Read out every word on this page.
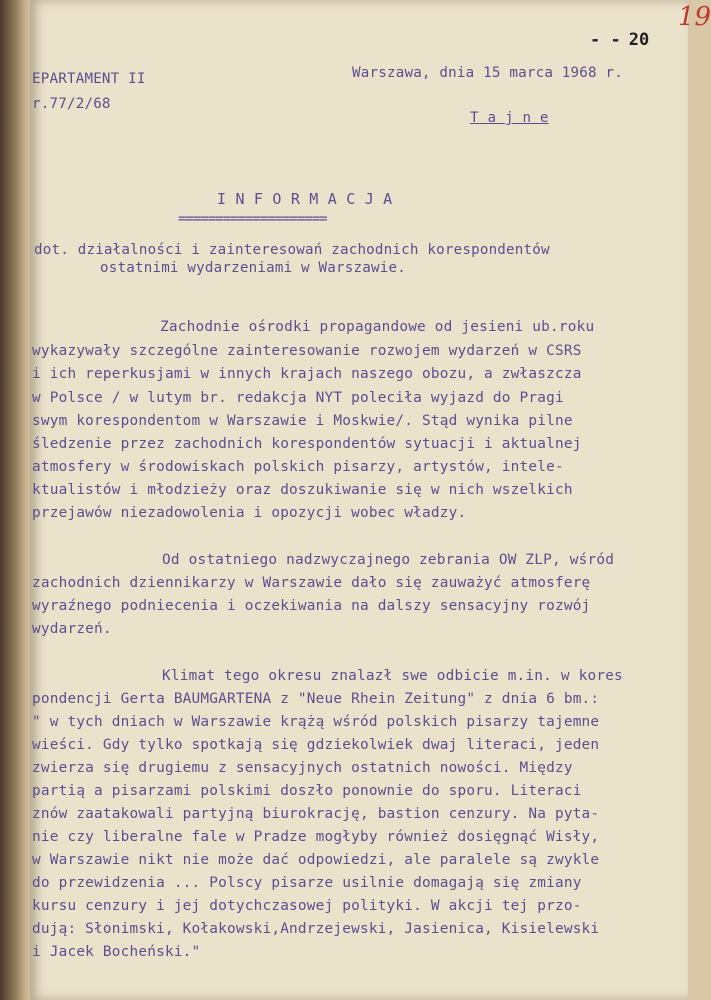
19
- - 20
EPARTAMENT II
r.77/2/68
Warszawa, dnia 15 marca 1968 r.
T a j n e
I N F O R M A C J A
====================
dot. działalności i zainteresowań zachodnich korespondentów
ostatnimi wydarzeniami w Warszawie.
Zachodnie ośrodki propagandowe od jesieni ub.roku
wykazywały szczególne zainteresowanie rozwojem wydarzeń w CSRS
i ich reperkusjami w innych krajach naszego obozu, a zwłaszcza
w Polsce / w lutym br. redakcja NYT poleciła wyjazd do Pragi
swym korespondentom w Warszawie i Moskwie/. Stąd wynika pilne
śledzenie przez zachodnich korespondentów sytuacji i aktualnej
atmosfery w środowiskach polskich pisarzy, artystów, intele-
ktualistów i młodzieży oraz doszukiwanie się w nich wszelkich
przejawów niezadowolenia i opozycji wobec władzy.
Od ostatniego nadzwyczajnego zebrania OW ZLP, wśród
zachodnich dziennikarzy w Warszawie dało się zauważyć atmosferę
wyraźnego podniecenia i oczekiwania na dalszy sensacyjny rozwój
wydarzeń.
Klimat tego okresu znalazł swe odbicie m.in. w kores
pondencji Gerta BAUMGARTENA z "Neue Rhein Zeitung" z dnia 6 bm.:
" w tych dniach w Warszawie krążą wśród polskich pisarzy tajemne
wieści. Gdy tylko spotkają się gdziekolwiek dwaj literaci, jeden
zwierza się drugiemu z sensacyjnych ostatnich nowości. Między
partią a pisarzami polskimi doszło ponownie do sporu. Literaci
znów zaatakowali partyjną biurokrację, bastion cenzury. Na pyta-
nie czy liberalne fale w Pradze mogłyby również dosięgnąć Wisły,
w Warszawie nikt nie może dać odpowiedzi, ale paralele są zwykle
do przewidzenia ... Polscy pisarze usilnie domagają się zmiany
kursu cenzury i jej dotychczasowej polityki. W akcji tej przo-
dują: Słonimski, Kołakowski,Andrzejewski, Jasienica, Kisielewski
i Jacek Bocheński."
